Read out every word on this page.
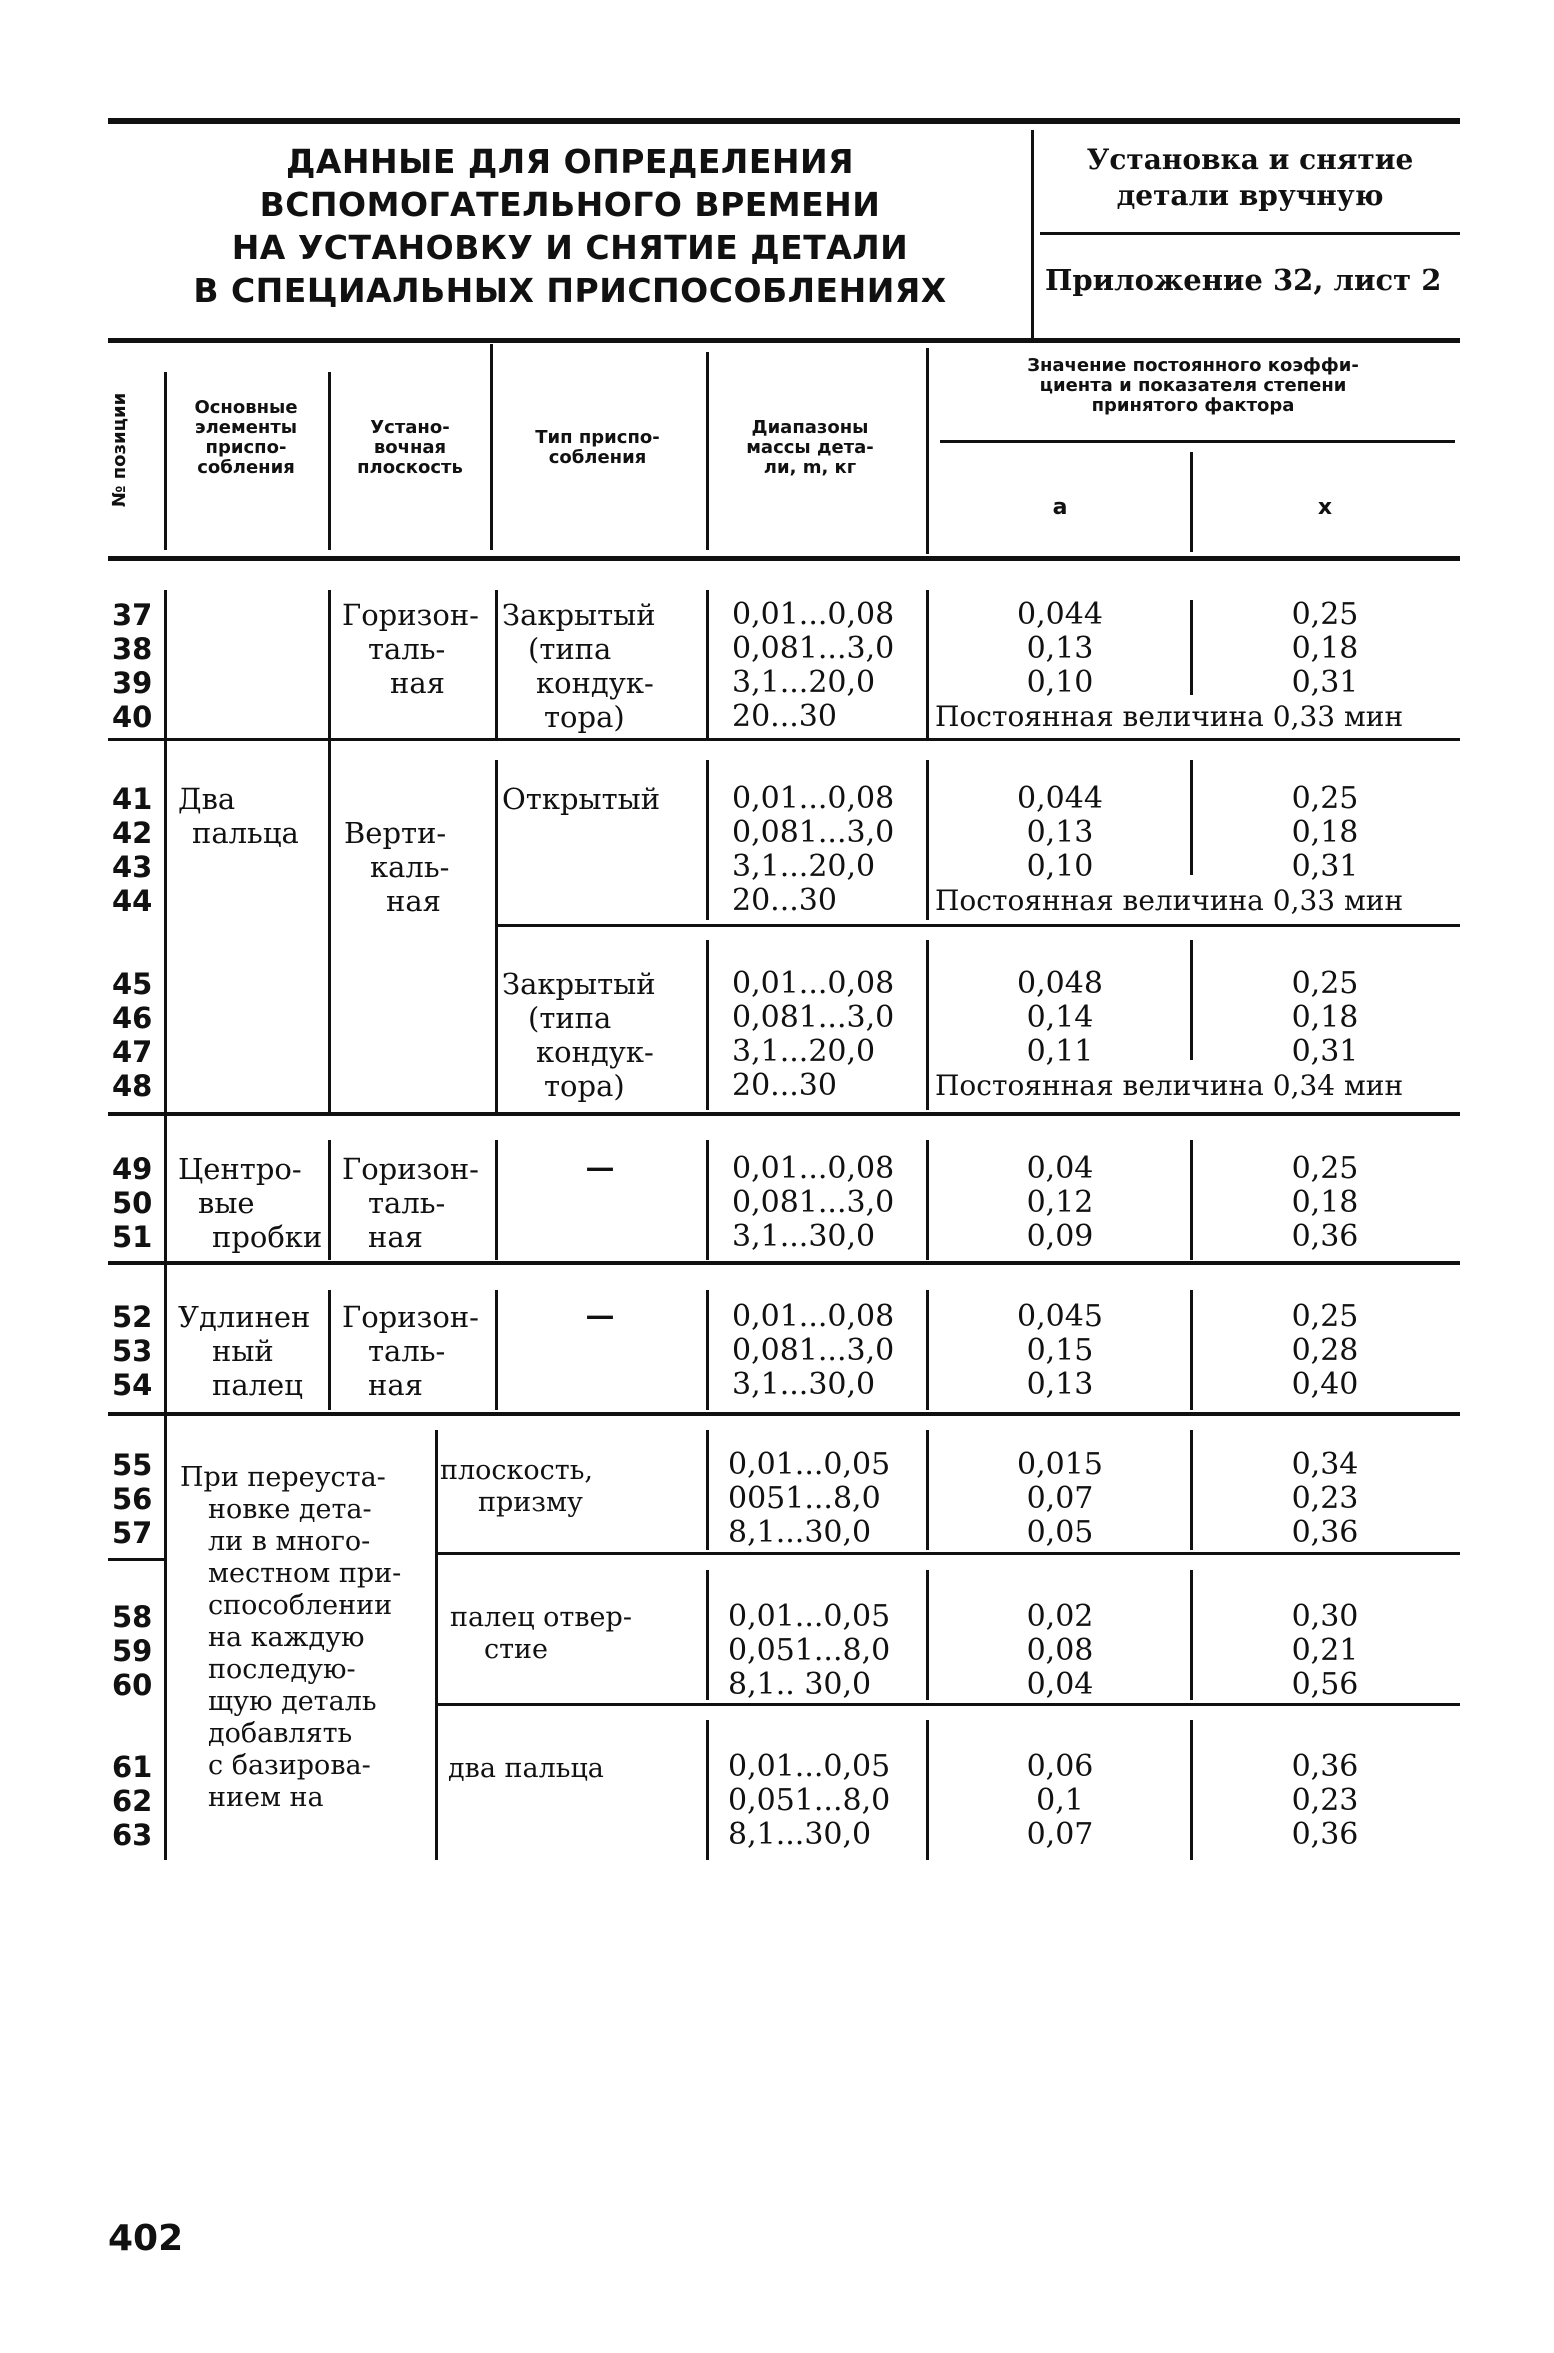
ДАННЫЕ ДЛЯ ОПРЕДЕЛЕНИЯ
ВСПОМОГАТЕЛЬНОГО ВРЕМЕНИ
НА УСТАНОВКУ И СНЯТИЕ ДЕТАЛИ
В СПЕЦИАЛЬНЫХ ПРИСПОСОБЛЕНИЯХ
Установка и снятие
детали вручную
Приложение 32, лист 2
№ позиции	Основные
элементы
приспо-
собления
Устано-
вочная
плоскость
Тип приспо-
собления
Диапазоны
массы дета-
ли, m, кг
Значение постоянного коэффи-
циента и показателя степени
принятого фактора
a	x
37
38
39
40
41
42
43
44
45
46
47
48
49
50
51
52
53
54
55
56
57
58
59
60
61
62
63
Два
пальца
Центро-
вые
пробки
Удлинен
ный
палец
При переуста-
новке дета-
ли в много-
местном при-
способлении
на каждую
последую-
щую деталь
добавлять
с базирова-
нием на
Горизон-
таль-
ная
Верти-
каль-
ная
Горизон-
таль-
ная
Горизон-
таль-
ная
Закрытый
(типа
кондук-
тора)
Открытый
Закрытый
(типа
кондук-
тора)
—
—
плоскость,
призму
палец отвер-
стие
два пальца
0,01...0,08
0,081...3,0
3,1...20,0
20...30
0,01...0,08
0,081...3,0
3,1...20,0
20...30
0,01...0,08
0,081...3,0
3,1...20,0
20...30
0,01...0,08
0,081...3,0
3,1...30,0
0,01...0,08
0,081...3,0
3,1...30,0
0,01...0,05
0051...8,0
8,1...30,0
0,01...0,05
0,051...8,0
8,1.. 30,0
0,01...0,05
0,051...8,0
8,1...30,0
0,044
0,13
0,10
0,044
0,13
0,10
0,048
0,14
0,11
0,04
0,12
0,09
0,045
0,15
0,13
0,015
0,07
0,05
0,02
0,08
0,04
0,06
0,1
0,07
0,25
0,18
0,31
0,25
0,18
0,31
0,25
0,18
0,31
0,25
0,18
0,36
0,25
0,28
0,40
0,34
0,23
0,36
0,30
0,21
0,56
0,36
0,23
0,36
Постоянная величина 0,33 мин
Постоянная величина 0,33 мин
Постоянная величина 0,34 мин
402
